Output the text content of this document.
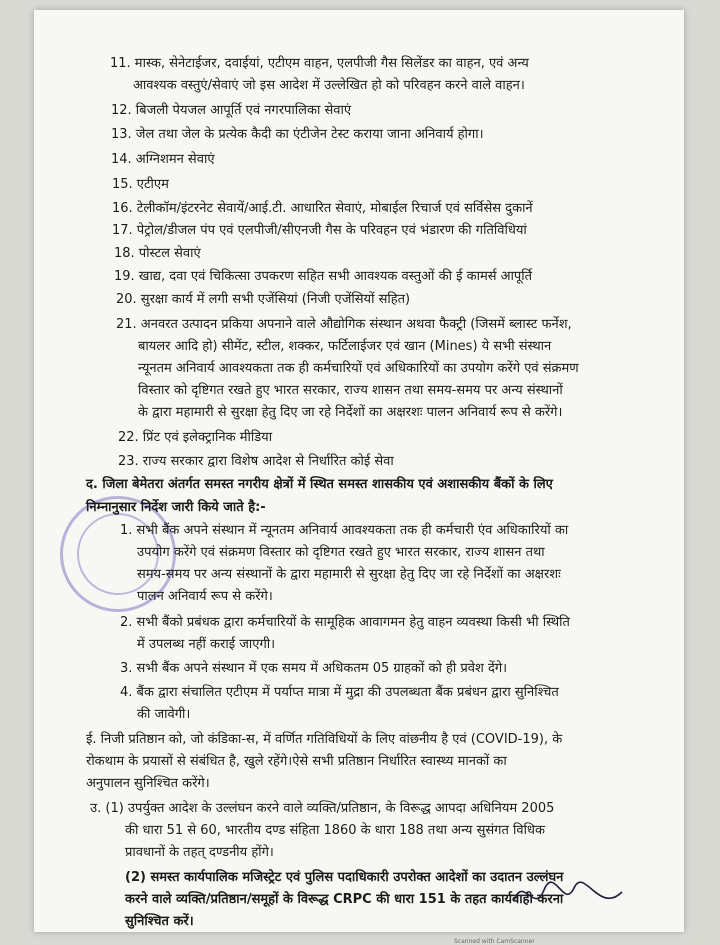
11. मास्क, सेनेटाईजर, दवाईयां, एटीएम वाहन, एलपीजी गैस सिलेंडर का वाहन, एवं अन्य
आवश्यक वस्तुएं/सेवाएं जो इस आदेश में उल्लेखित हो को परिवहन करने वाले वाहन।
12. बिजली पेयजल आपूर्ति एवं नगरपालिका सेवाएं
13. जेल तथा जेल के प्रत्येक कैदी का एंटीजेन टेस्ट कराया जाना अनिवार्य होगा।
14. अग्निशमन सेवाएं
15. एटीएम
16. टेलीकॉम/इंटरनेट सेवायें/आई.टी. आधारित सेवाएं, मोबाईल रिचार्ज एवं सर्विसेस दुकानें
17. पेट्रोल/डीजल पंप एवं एलपीजी/सीएनजी गैस के परिवहन एवं भंडारण की गतिविधियां
18. पोस्टल सेवाएं
19. खाद्य, दवा एवं चिकित्सा उपकरण सहित सभी आवश्यक वस्तुओं की ई कामर्स आपूर्ति
20. सुरक्षा कार्य में लगी सभी एजेंसियां (निजी एजेंसियों सहित)
21. अनवरत उत्पादन प्रकिया अपनाने वाले औद्योगिक संस्थान अथवा फैक्ट्री (जिसमें ब्लास्ट फर्नेश,
बायलर आदि हो) सीमेंट, स्टील, शक्कर, फर्टिलाईजर एवं खान (Mines) ये सभी संस्थान
न्यूनतम अनिवार्य आवश्यकता तक ही कर्मचारियों एवं अधिकारियों का उपयोग करेंगे एवं संक्रमण
विस्तार को दृष्टिगत रखते हुए भारत सरकार, राज्य शासन तथा समय-समय पर अन्य संस्थानों
के द्वारा महामारी से सुरक्षा हेतु दिए जा रहे निर्देशों का अक्षरशः पालन अनिवार्य रूप से करेंगे।
22. प्रिंट एवं इलेक्ट्रानिक मीडिया
23. राज्य सरकार द्वारा विशेष आदेश से निर्धारित कोई सेवा
द. जिला बेमेतरा अंतर्गत समस्त नगरीय क्षेत्रों में स्थित समस्त शासकीय एवं अशासकीय बैंकों के लिए
निम्नानुसार निर्देश जारी किये जाते है:-
1. सभी बैंक अपने संस्थान में न्यूनतम अनिवार्य आवश्यकता तक ही कर्मचारी एंव अधिकारियों का
उपयोग करेंगे एवं संक्रमण विस्तार को दृष्टिगत रखते हुए भारत सरकार, राज्य शासन तथा
समय-समय पर अन्य संस्थानों के द्वारा महामारी से सुरक्षा हेतु दिए जा रहे निर्देशों का अक्षरशः
पालन अनिवार्य रूप से करेंगे।
2. सभी बैंको प्रबंधक द्वारा कर्मचारियों के सामूहिक आवागमन हेतु वाहन व्यवस्था किसी भी स्थिति
में उपलब्ध नहीं कराई जाएगी।
3. सभी बैंक अपने संस्थान में एक समय में अधिकतम 05 ग्राहकों को ही प्रवेश देंगे।
4. बैंक द्वारा संचालित एटीएम में पर्याप्त मात्रा में मुद्रा की उपलब्धता बैंक प्रबंधन द्वारा सुनिश्चित
की जावेगी।
ई. निजी प्रतिष्ठान को, जो कंडिका-स, में वर्णित गतिविधियों के लिए वांछनीय है एवं (COVID-19), के
रोकथाम के प्रयासों से संबंधित है, खुले रहेंगे।ऐसे सभी प्रतिष्ठान निर्धारित स्वास्थ्य मानकों का
अनुपालन सुनिश्चित करेंगे।
उ. (1) उपर्युक्त आदेश के उल्लंघन करने वाले व्यक्ति/प्रतिष्ठान, के विरूद्ध आपदा अधिनियम 2005
की धारा 51 से 60, भारतीय दण्ड संहिता 1860 के धारा 188 तथा अन्य सुसंगत विधिक
प्रावधानों के तहत् दण्डनीय होंगे।
(2) समस्त कार्यपालिक मजिस्ट्रेट एवं पुलिस पदाधिकारी उपरोक्त आदेशों का उदातन उल्लंघन
करने वाले व्यक्ति/प्रतिष्ठान/समूहों के विरूद्ध CRPC की धारा 151 के तहत कार्यवाही करना
सुनिश्चित करें।
Scanned with CamScanner
